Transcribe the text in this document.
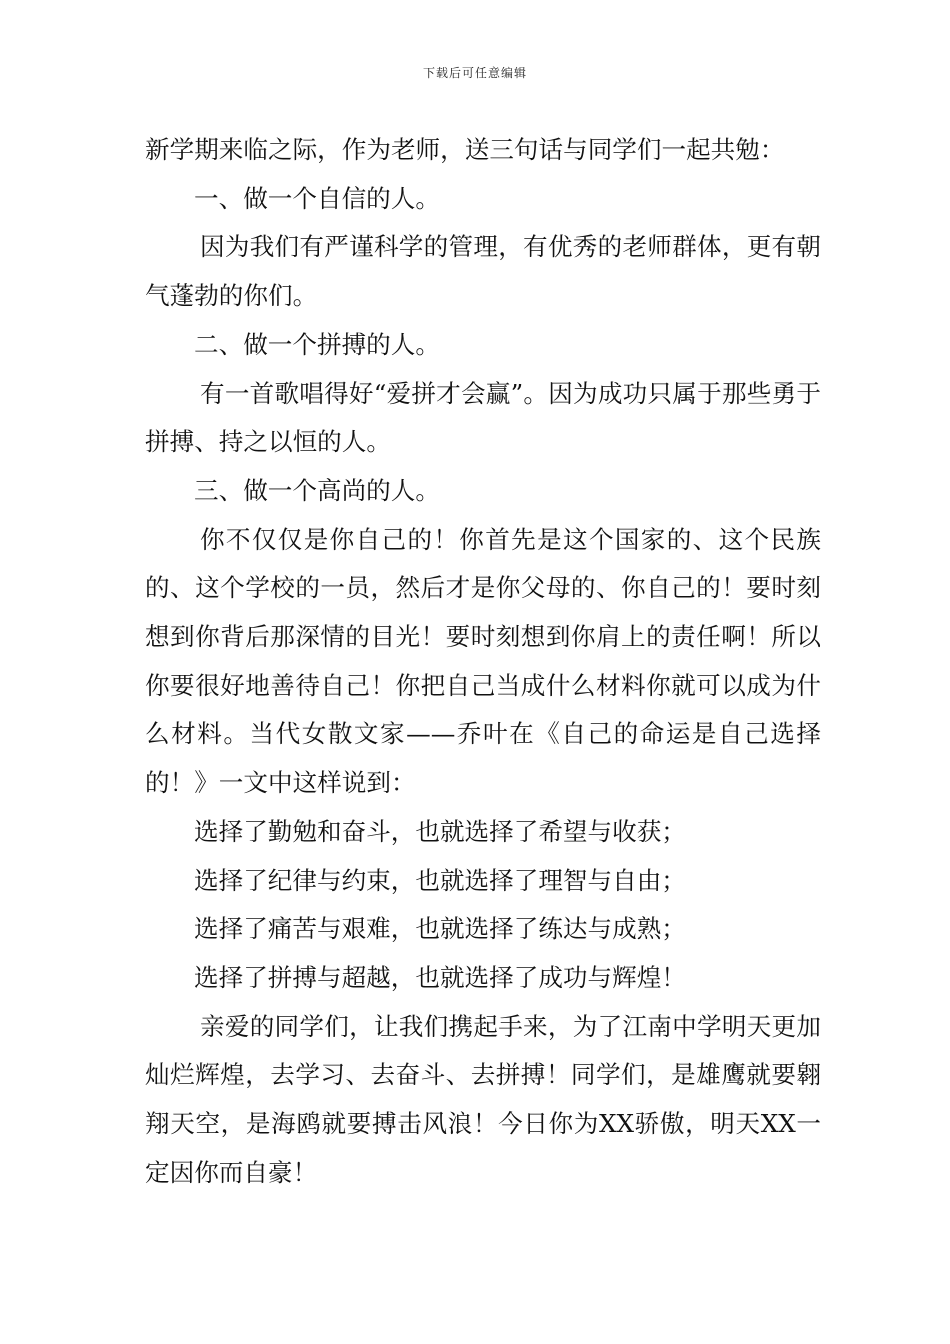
下载后可任意编辑

新学期来临之际，作为老师，送三句话与同学们一起共勉：

一、做一个自信的人。

因为我们有严谨科学的管理，有优秀的老师群体，更有朝气蓬勃的你们。

二、做一个拼搏的人。

有一首歌唱得好“爱拼才会赢”。因为成功只属于那些勇于拼搏、持之以恒的人。

三、做一个高尚的人。

你不仅仅是你自己的！你首先是这个国家的、这个民族的、这个学校的一员，然后才是你父母的、你自己的！要时刻想到你背后那深情的目光！要时刻想到你肩上的责任啊！所以你要很好地善待自己！你把自己当成什么材料你就可以成为什么材料。当代女散文家——乔叶在《自己的命运是自己选择的！》一文中这样说到：

选择了勤勉和奋斗，也就选择了希望与收获；
选择了纪律与约束，也就选择了理智与自由；
选择了痛苦与艰难，也就选择了练达与成熟；
选择了拼搏与超越，也就选择了成功与辉煌！

亲爱的同学们，让我们携起手来，为了江南中学明天更加灿烂辉煌，去学习、去奋斗、去拼搏！同学们，是雄鹰就要翱翔天空，是海鸥就要搏击风浪！今日你为XX骄傲，明天XX一定因你而自豪！
